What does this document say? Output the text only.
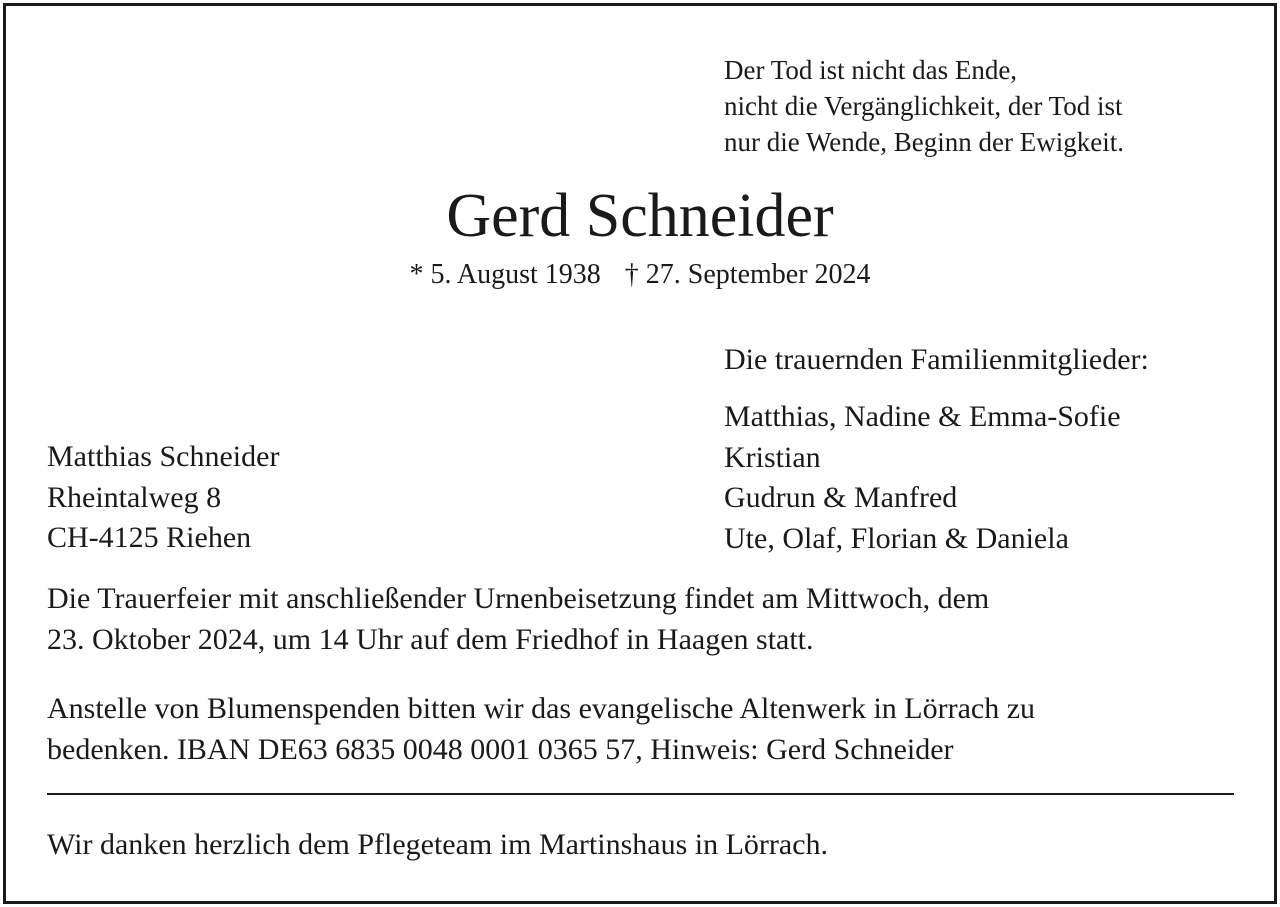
Der Tod ist nicht das Ende,
nicht die Vergänglichkeit, der Tod ist
nur die Wende, Beginn der Ewigkeit.
Gerd Schneider
* 5. August 1938 † 27. September 2024
Die trauernden Familienmitglieder:
Matthias, Nadine & Emma-Sofie
Kristian
Gudrun & Manfred
Ute, Olaf, Florian & Daniela
Matthias Schneider
Rheintalweg 8
CH-4125 Riehen
Die Trauerfeier mit anschließender Urnenbeisetzung findet am Mittwoch, dem
23. Oktober 2024, um 14 Uhr auf dem Friedhof in Haagen statt.
Anstelle von Blumenspenden bitten wir das evangelische Altenwerk in Lörrach zu
bedenken. IBAN DE63 6835 0048 0001 0365 57, Hinweis: Gerd Schneider
Wir danken herzlich dem Pflegeteam im Martinshaus in Lörrach.
